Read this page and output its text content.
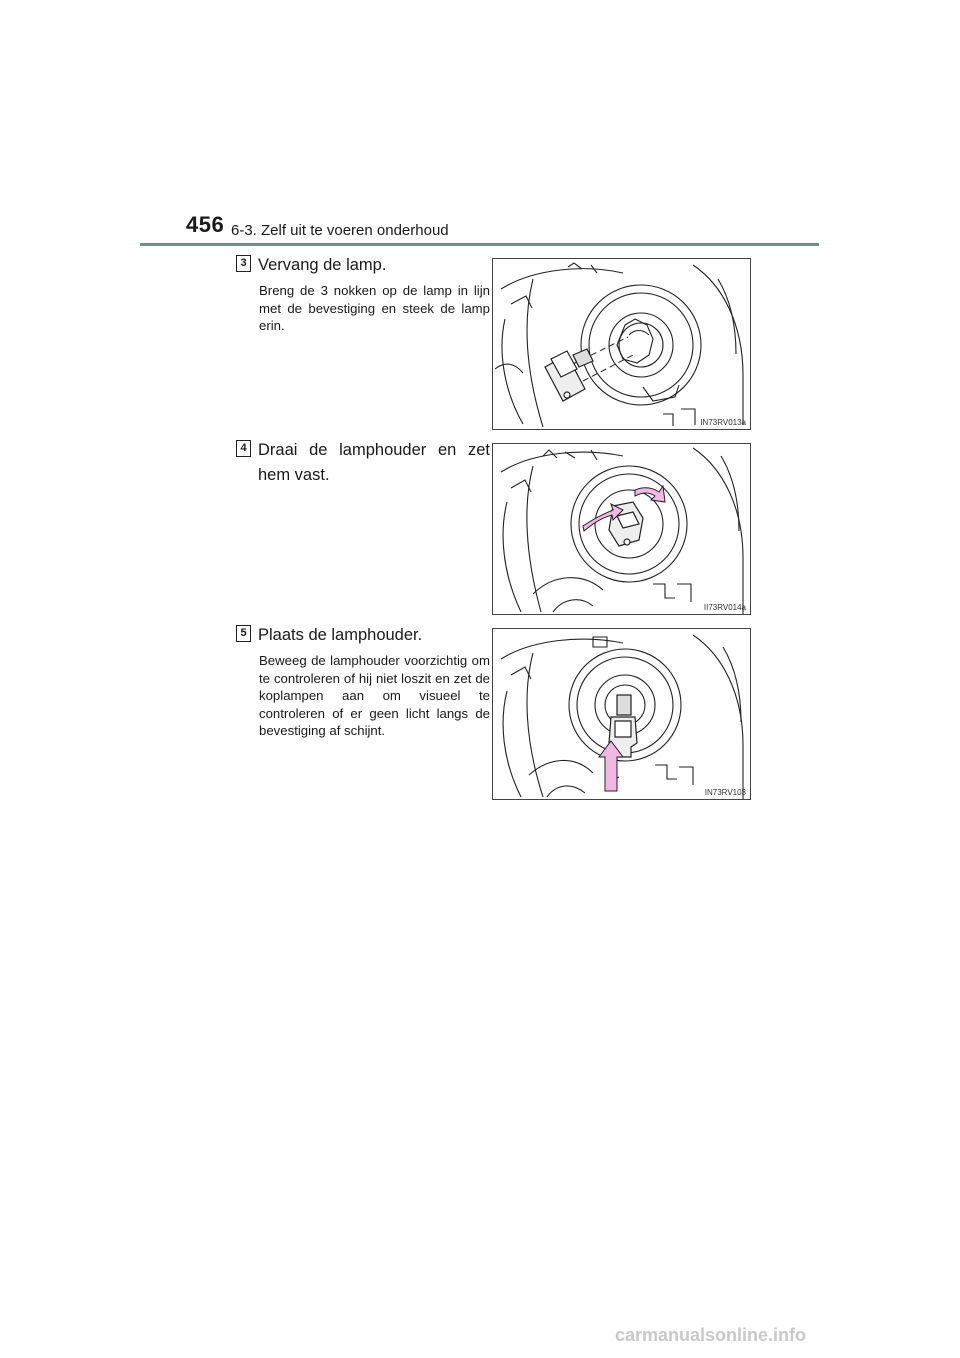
456 6-3. Zelf uit te voeren onderhoud
3 Vervang de lamp.
Breng de 3 nokken op de lamp in lijn met de bevestiging en steek de lamp erin.
IN73RV013a
4 Draai de lamphouder en zet hem vast.
II73RV014a
5 Plaats de lamphouder.
Beweeg de lamphouder voorzichtig om te controleren of hij niet loszit en zet de koplampen aan om visueel te controleren of er geen licht langs de bevestiging af schijnt.
IN73RV103
carmanualsonline.info
